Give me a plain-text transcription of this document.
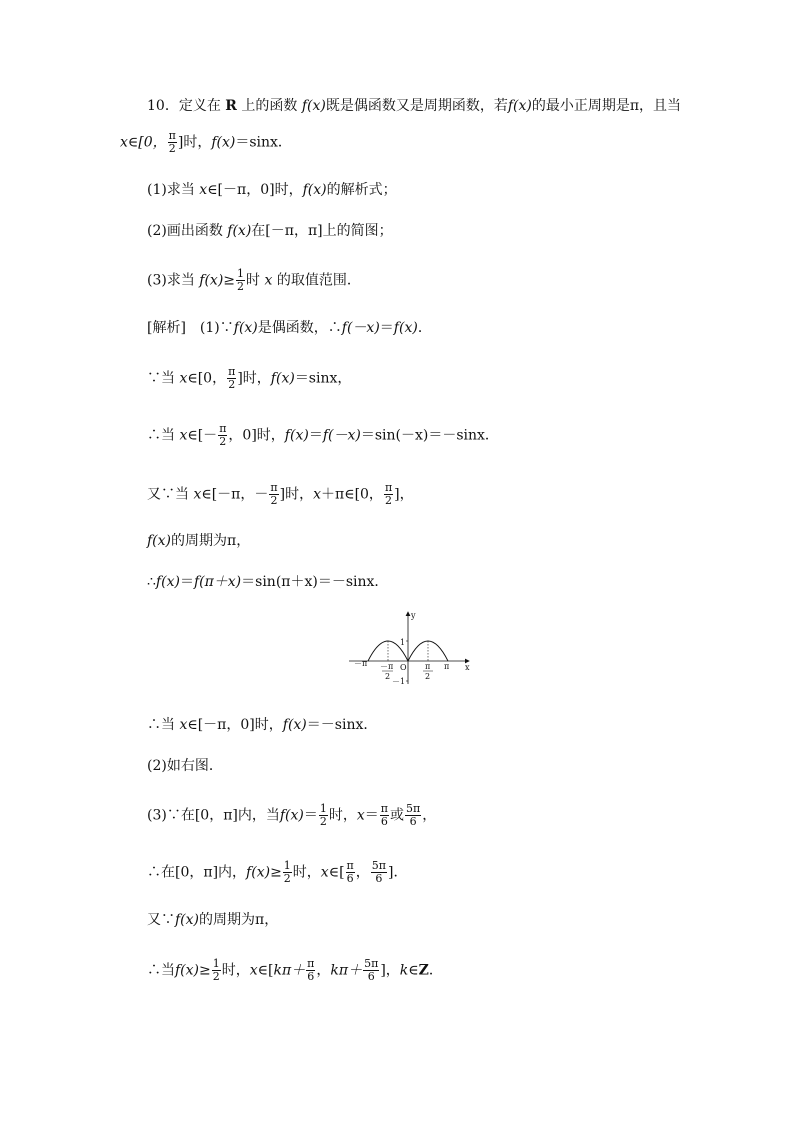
10．定义在 R 上的函数 f(x)既是偶函数又是周期函数，若f(x)的最小正周期是π，且当
x∈[0， $\frac{\pi}{2}$ ]时，f(x)＝sinx．
(1)求当 x∈[－π，0]时，f(x)的解析式；
(2)画出函数 f(x)在[－π，π]上的简图；
(3)求当 $f(x)\ge \frac{1}{2}$ 时 x 的取值范围．
[解析]　(1)∵f(x)是偶函数，∴f(－x)＝f(x)．
∵当 x∈[0， $\frac{\pi}{2}$ ]时，f(x)＝sinx，
∴当 x∈[－ $\frac{\pi}{2}$ ，0]时，f(x)＝f(－x)＝sin(－x)＝－sinx．
又∵当 x∈[－π，－ $\frac{\pi}{2}$ ]时，x＋π∈[0， $\frac{\pi}{2}$ ]，
f(x)的周期为π，
∴f(x)＝f(π＋x)＝sin(π＋x)＝－sinx．
y
x
1
－1
O
－π －π
2
π
2
π
∴当 x∈[－π，0]时，f(x)＝－sinx．
(2)如右图．
(3)∵在[0，π]内，当$f(x)= \frac{1}{2}$ 时，$x= \frac{\pi}{6}$ 或 $\frac{5\pi}{6}$ ，
∴在[0，π]内，$f(x)\ge \frac{1}{2}$ 时，x∈[ $\frac{\pi}{6}$ ， $\frac{5\pi}{6}$ ]．
又∵f(x)的周期为π，
∴当$f(x)\ge \frac{1}{2}$ 时，x∈[kπ＋ $\frac{\pi}{6}$ ，$k\pi+ \frac{5\pi}{6}$ ]，k∈Z．
